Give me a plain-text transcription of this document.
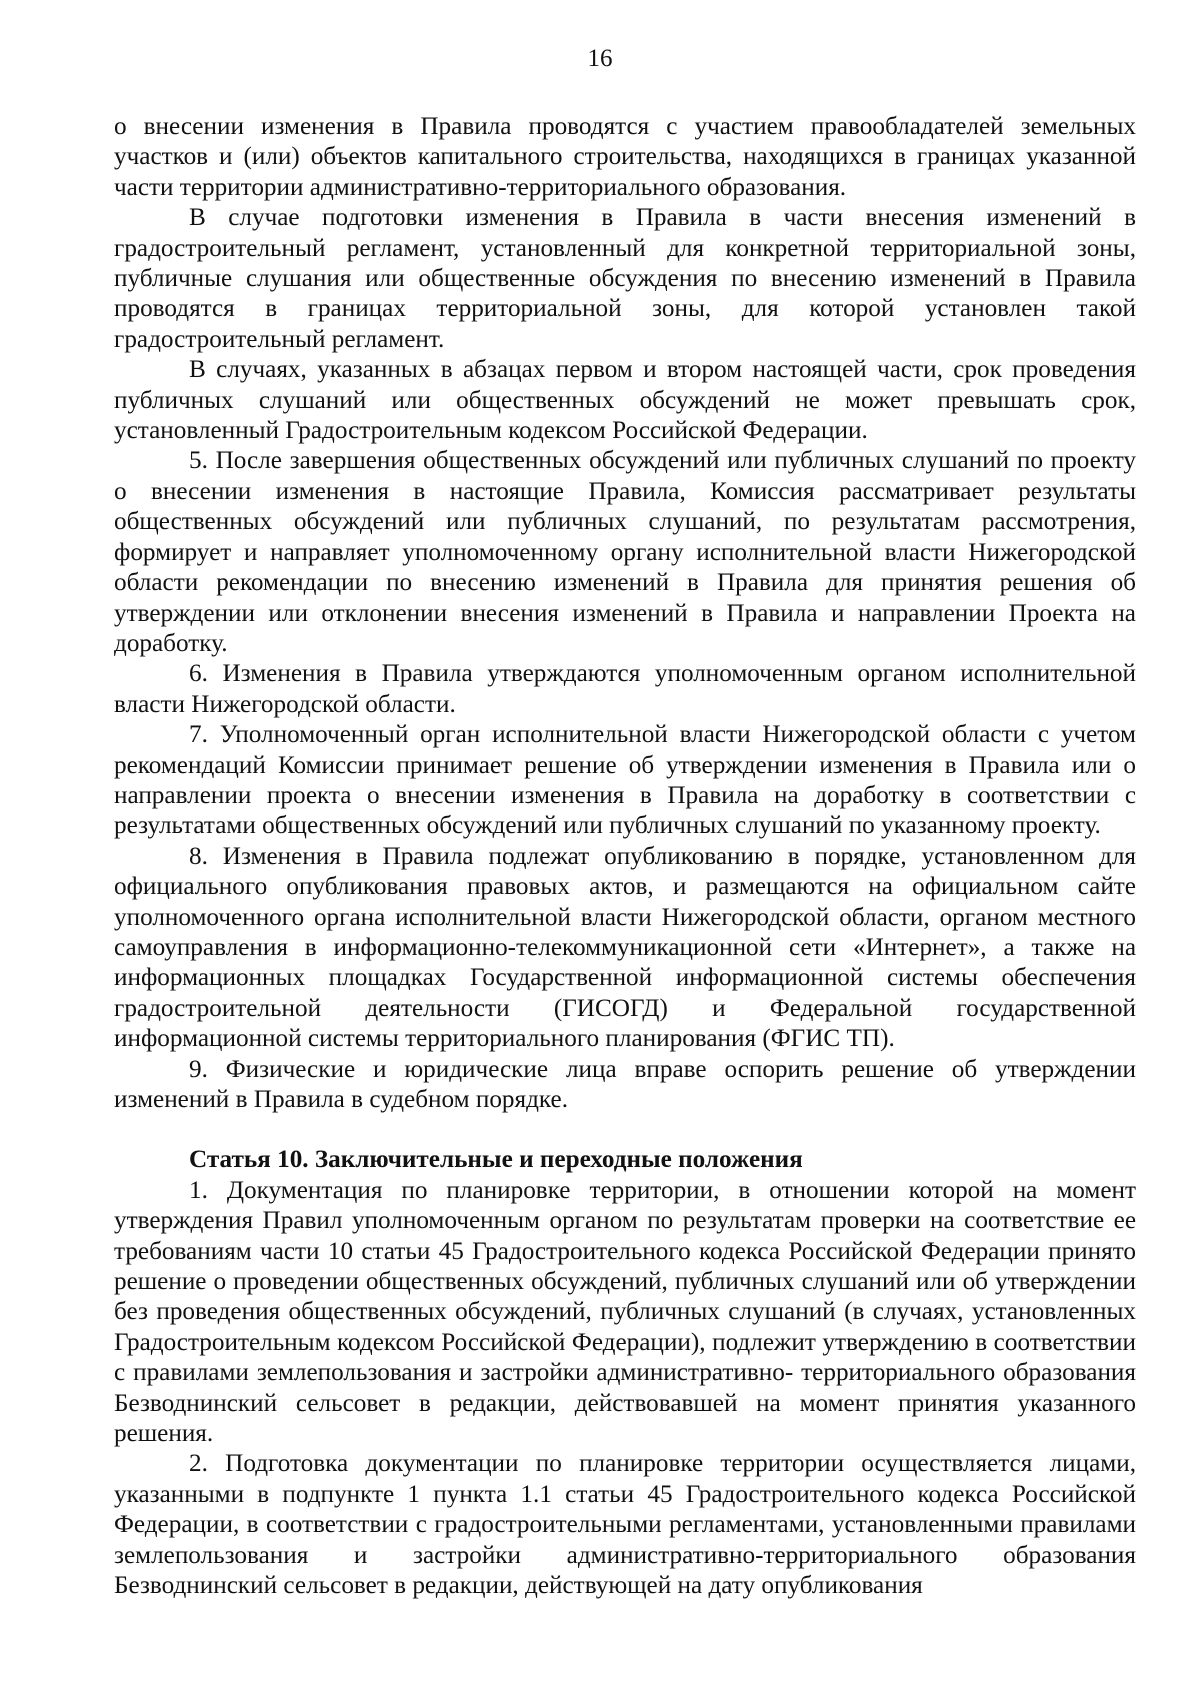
16

о внесении изменения в Правила проводятся с участием правообладателей земельных участков и (или) объектов капитального строительства, находящихся в границах указанной части территории административно-территориального образования.

В случае подготовки изменения в Правила в части внесения изменений в градостроительный регламент, установленный для конкретной территориальной зоны, публичные слушания или общественные обсуждения по внесению изменений в Правила проводятся в границах территориальной зоны, для которой установлен такой градостроительный регламент.

В случаях, указанных в абзацах первом и втором настоящей части, срок проведения публичных слушаний или общественных обсуждений не может превышать срок, установленный Градостроительным кодексом Российской Федерации.

5. После завершения общественных обсуждений или публичных слушаний по проекту о внесении изменения в настоящие Правила, Комиссия рассматривает результаты общественных обсуждений или публичных слушаний, по результатам рассмотрения, формирует и направляет уполномоченному органу исполнительной власти Нижегородской области рекомендации по внесению изменений в Правила для принятия решения об утверждении или отклонении внесения изменений в Правила и направлении Проекта на доработку.

6. Изменения в Правила утверждаются уполномоченным органом исполнительной власти Нижегородской области.

7. Уполномоченный орган исполнительной власти Нижегородской области с учетом рекомендаций Комиссии принимает решение об утверждении изменения в Правила или о направлении проекта о внесении изменения в Правила на доработку в соответствии с результатами общественных обсуждений или публичных слушаний по указанному проекту.

8. Изменения в Правила подлежат опубликованию в порядке, установленном для официального опубликования правовых актов, и размещаются на официальном сайте уполномоченного органа исполнительной власти Нижегородской области, органом местного самоуправления в информационно-телекоммуникационной сети «Интернет», а также на информационных площадках Государственной информационной системы обеспечения градостроительной деятельности (ГИСОГД) и Федеральной государственной информационной системы территориального планирования (ФГИС ТП).

9. Физические и юридические лица вправе оспорить решение об утверждении изменений в Правила в судебном порядке.

Статья 10. Заключительные и переходные положения

1. Документация по планировке территории, в отношении которой на момент утверждения Правил уполномоченным органом по результатам проверки на соответствие ее требованиям части 10 статьи 45 Градостроительного кодекса Российской Федерации принято решение о проведении общественных обсуждений, публичных слушаний или об утверждении без проведения общественных обсуждений, публичных слушаний (в случаях, установленных Градостроительным кодексом Российской Федерации), подлежит утверждению в соответствии с правилами землепользования и застройки административно- территориального образования Безводнинский сельсовет в редакции, действовавшей на момент принятия указанного решения.

2. Подготовка документации по планировке территории осуществляется лицами, указанными в подпункте 1 пункта 1.1 статьи 45 Градостроительного кодекса Российской Федерации, в соответствии с градостроительными регламентами, установленными правилами землепользования и застройки административно-территориального образования Безводнинский сельсовет в редакции, действующей на дату опубликования
